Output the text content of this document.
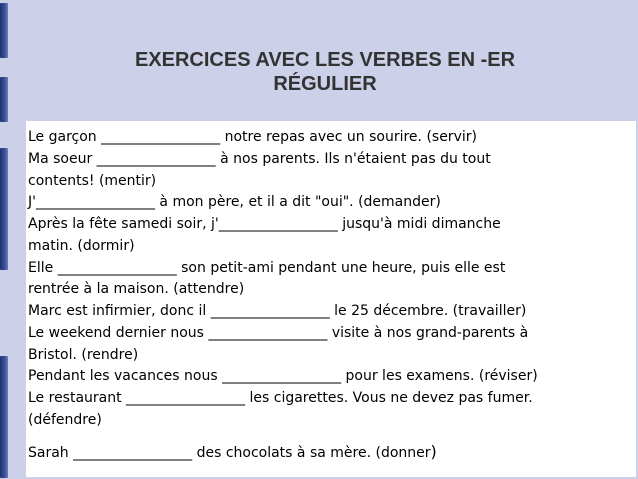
EXERCICES AVEC LES VERBES EN -ER
RÉGULIER
Le garçon _________________ notre repas avec un sourire. (servir)
Ma soeur _________________ à nos parents. Ils n'étaient pas du tout
contents! (mentir)
J'_________________ à mon père, et il a dit "oui". (demander)
Après la fête samedi soir, j'_________________ jusqu'à midi dimanche
matin. (dormir)
Elle _________________ son petit-ami pendant une heure, puis elle est
rentrée à la maison. (attendre)
Marc est infirmier, donc il _________________ le 25 décembre. (travailler)
Le weekend dernier nous _________________ visite à nos grand-parents à
Bristol. (rendre)
Pendant les vacances nous _________________ pour les examens. (réviser)
Le restaurant _________________ les cigarettes. Vous ne devez pas fumer.
(défendre)
Sarah _________________ des chocolats à sa mère. (donner)
